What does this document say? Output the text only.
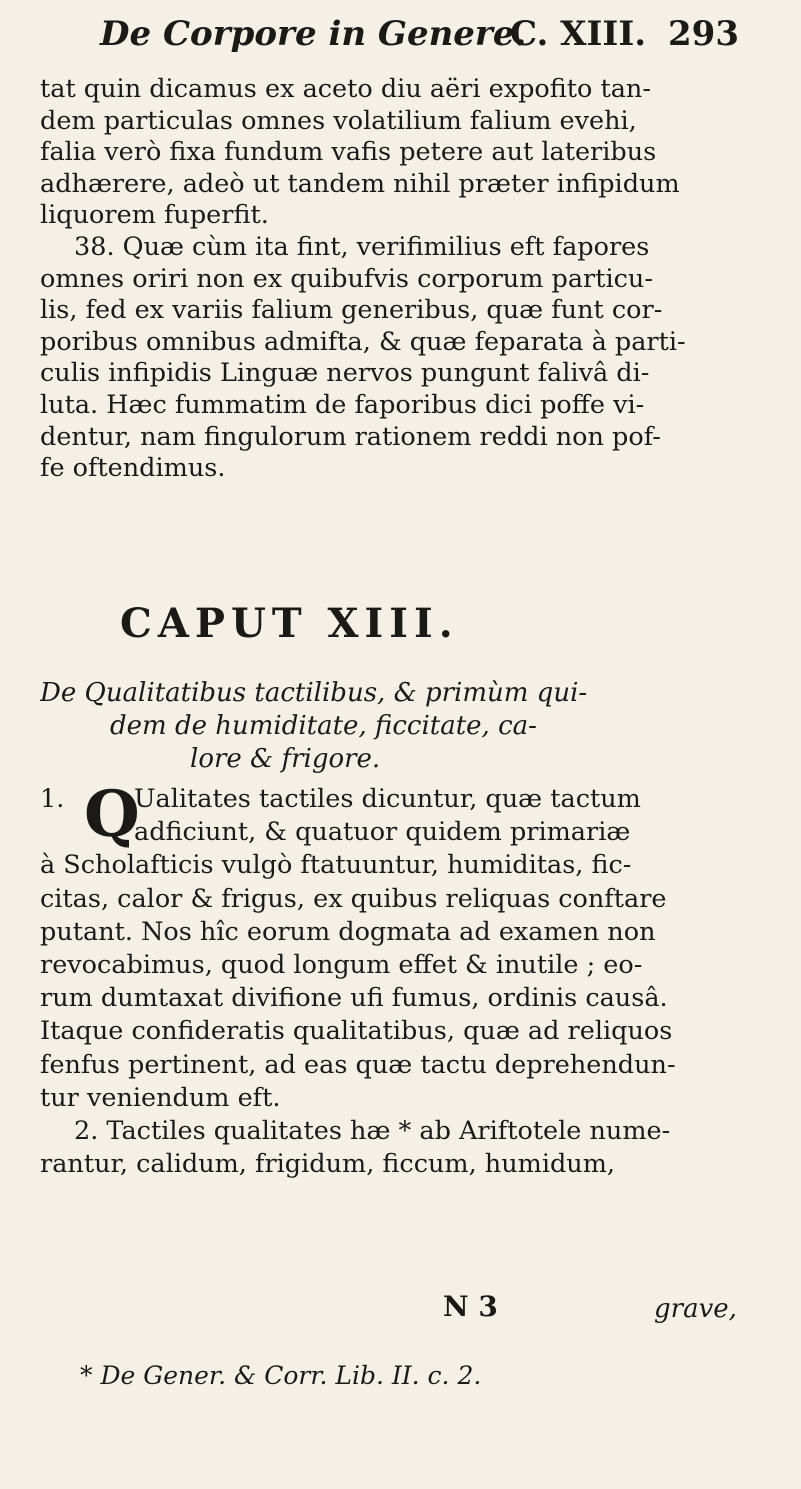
De Corpore in Genere.
C. XIII. 293
tat quin dicamus ex aceto diu aëri expofito tan-
dem particulas omnes volatilium falium evehi,
falia verò fixa fundum vafis petere aut lateribus
adhærere, adeò ut tandem nihil præter infipidum
liquorem fuperfit.
38. Quæ cùm ita fint, verifimilius eft fapores
omnes oriri non ex quibufvis corporum particu-
lis, fed ex variis falium generibus, quæ funt cor-
poribus omnibus admifta, & quæ feparata à parti-
culis infipidis Linguæ nervos pungunt falivâ di-
luta. Hæc fummatim de faporibus dici poffe vi-
dentur, nam fingulorum rationem reddi non pof-
fe oftendimus.
CAPUT XIII.
De Qualitatibus tactilibus, & primùm qui-
dem de humiditate, ficcitate, ca-
lore & frigore.
1. Q
Ualitates tactiles dicuntur, quæ tactum
adficiunt, & quatuor quidem primariæ
à Scholafticis vulgò ftatuuntur, humiditas, fic-
citas, calor & frigus, ex quibus reliquas conftare
putant. Nos hîc eorum dogmata ad examen non
revocabimus, quod longum effet & inutile ; eo-
rum dumtaxat divifione ufi fumus, ordinis causâ.
Itaque confideratis qualitatibus, quæ ad reliquos
fenfus pertinent, ad eas quæ tactu deprehendun-
tur veniendum eft.
2. Tactiles qualitates hæ * ab Ariftotele nume-
rantur, calidum, frigidum, ficcum, humidum,
N 3	grave,
* De Gener. & Corr. Lib. II. c. 2.
